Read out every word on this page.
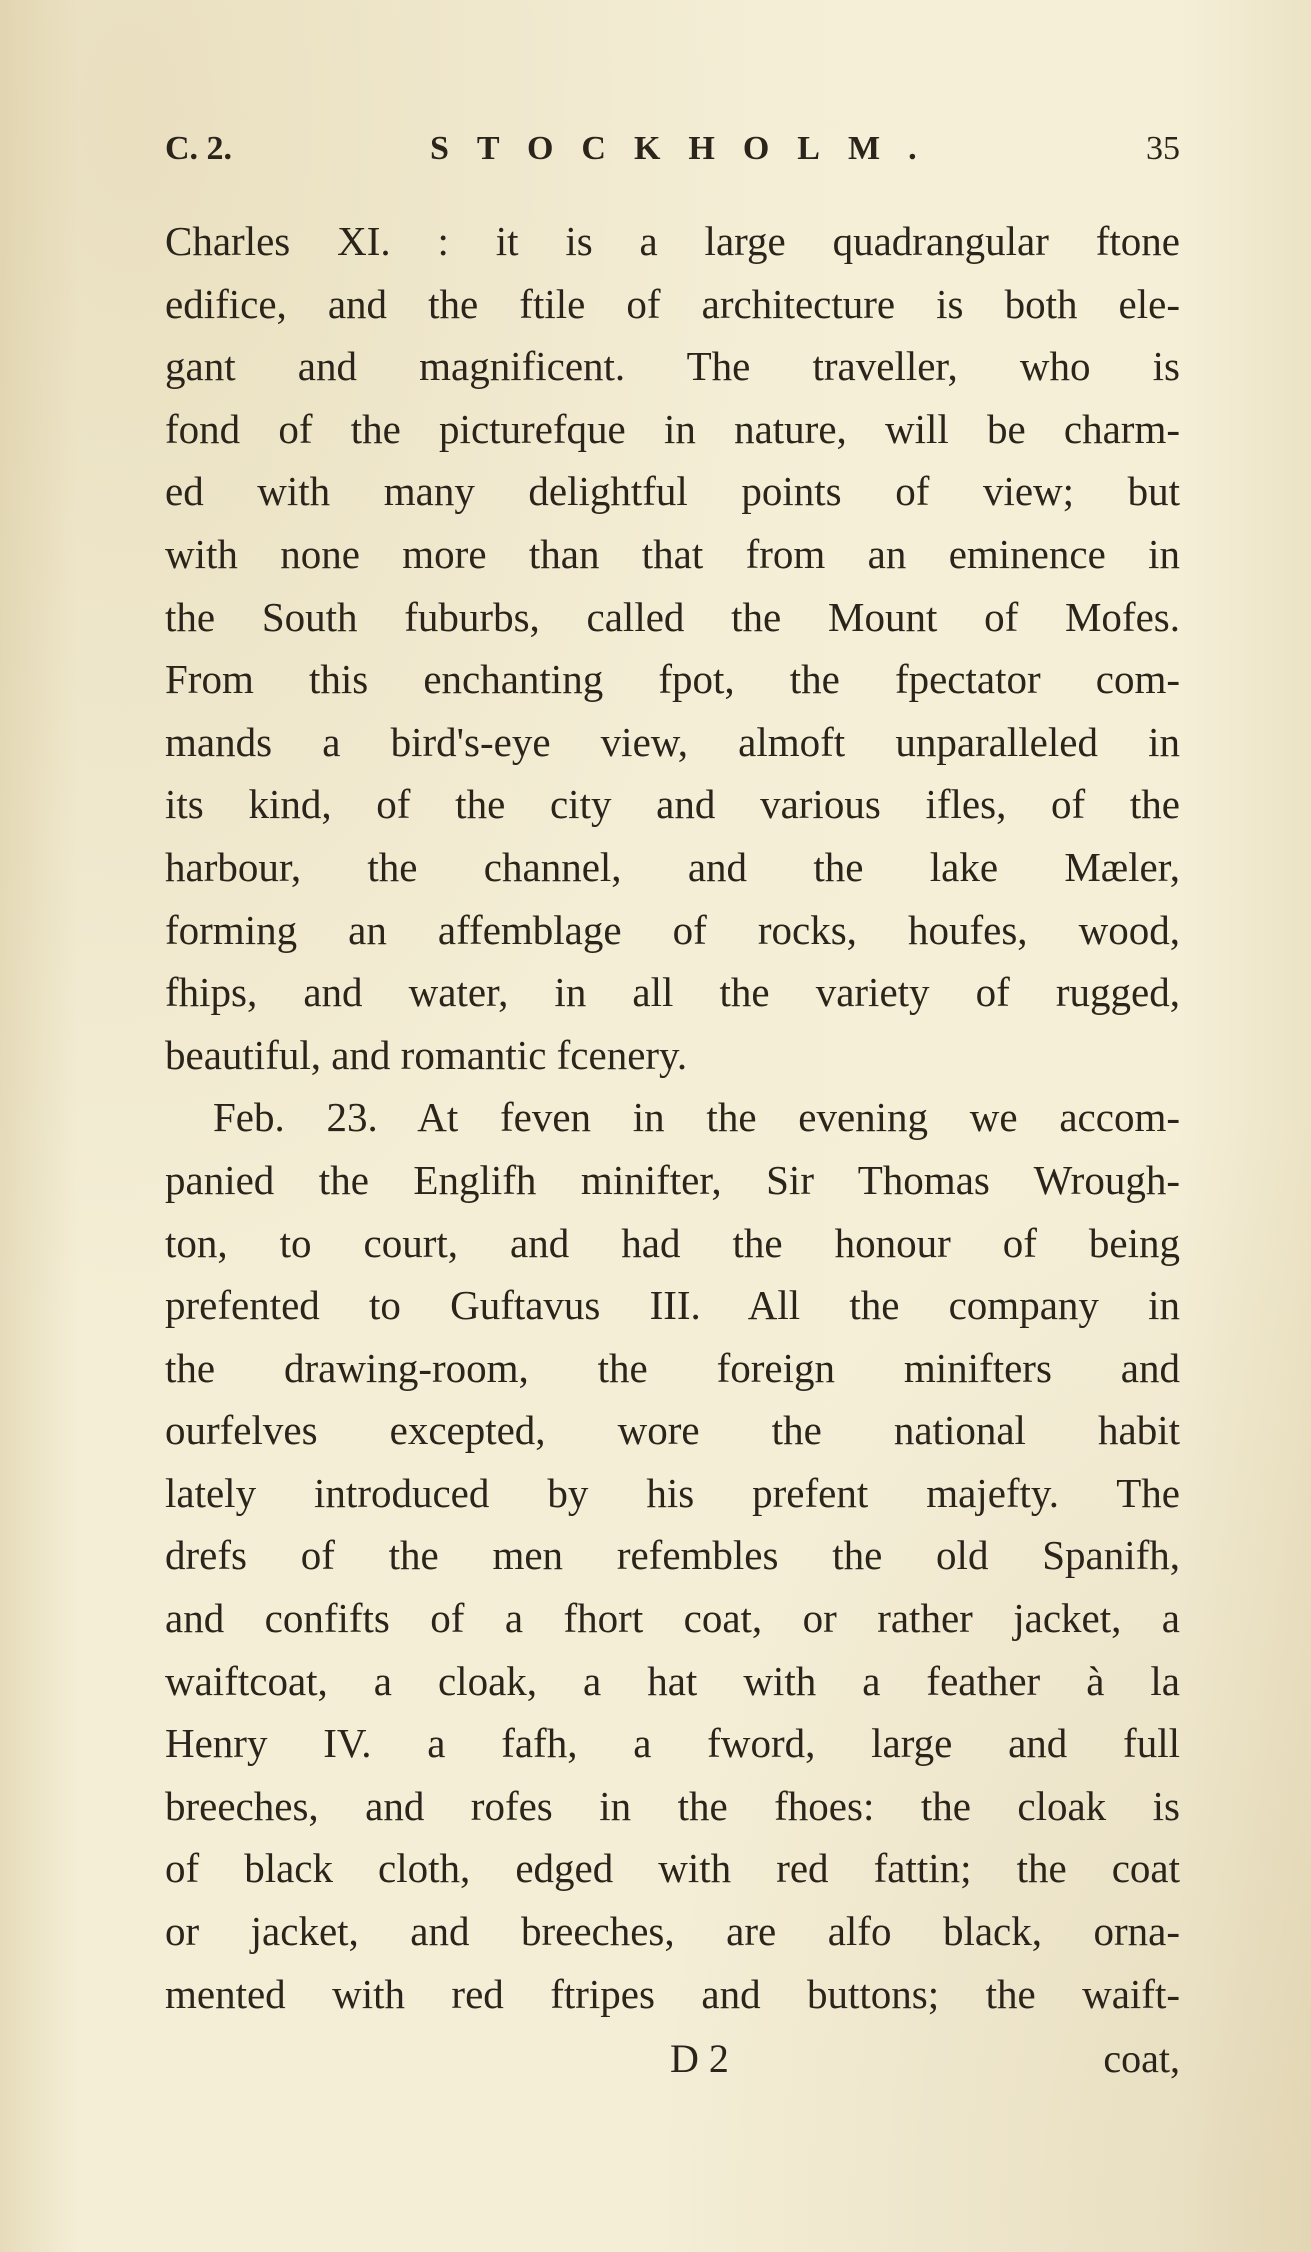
C. 2.	STOCKHOLM.	35
Charles XI. : it is a large quadrangular ftone
edifice, and the ftile of architecture is both ele-
gant and magnificent. The traveller, who is
fond of the picturefque in nature, will be charm-
ed with many delightful points of view; but
with none more than that from an eminence in
the South fuburbs, called the Mount of Mofes.
From this enchanting fpot, the fpectator com-
mands a bird's-eye view, almoft unparalleled in
its kind, of the city and various ifles, of the
harbour, the channel, and the lake Mæler,
forming an affemblage of rocks, houfes, wood,
fhips, and water, in all the variety of rugged,
beautiful, and romantic fcenery.
Feb. 23. At feven in the evening we accom-
panied the Englifh minifter, Sir Thomas Wrough-
ton, to court, and had the honour of being
prefented to Guftavus III. All the company in
the drawing-room, the foreign minifters and
ourfelves excepted, wore the national habit
lately introduced by his prefent majefty. The
drefs of the men refembles the old Spanifh,
and confifts of a fhort coat, or rather jacket, a
waiftcoat, a cloak, a hat with a feather à la
Henry IV. a fafh, a fword, large and full
breeches, and rofes in the fhoes: the cloak is
of black cloth, edged with red fattin; the coat
or jacket, and breeches, are alfo black, orna-
mented with red ftripes and buttons; the waift-
D 2	coat,
